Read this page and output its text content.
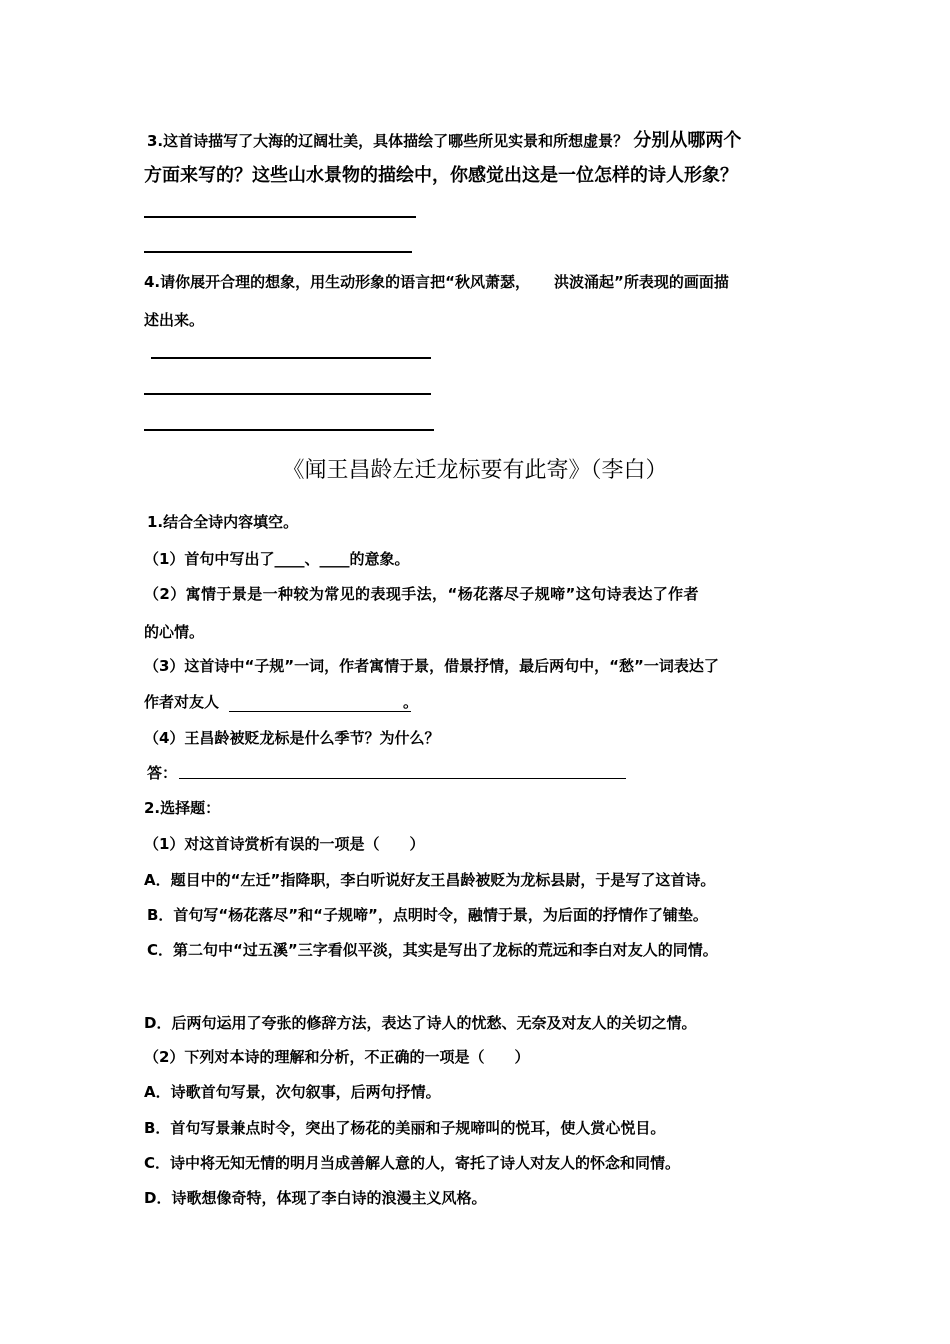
3.这首诗描写了大海的辽阔壮美，具体描绘了哪些所见实景和所想虚景？ 分别从哪两个
方面来写的？这些山水景物的描绘中，你感觉出这是一位怎样的诗人形象？
4.请你展开合理的想象，用生动形象的语言把“秋风萧瑟， 洪波涌起”所表现的画面描
述出来。
《闻王昌龄左迁龙标要有此寄》（李白）
1.结合全诗内容填空。
（1）首句中写出了____、____的意象。
（2）寓情于景是一种较为常见的表现手法，“杨花落尽子规啼”这句诗表达了作者
的心情。
（3）这首诗中“子规”一词，作者寓情于景，借景抒情，最后两句中，“愁”一词表达了
作者对友人	。
（4）王昌龄被贬龙标是什么季节？为什么？
答：
2.选择题：
（1）对这首诗赏析有误的一项是（　　）
A．题目中的“左迁”指降职，李白听说好友王昌龄被贬为龙标县尉，于是写了这首诗。
B．首句写“杨花落尽”和“子规啼”，点明时令，融情于景，为后面的抒情作了铺垫。
C．第二句中“过五溪”三字看似平淡，其实是写出了龙标的荒远和李白对友人的同情。
D．后两句运用了夸张的修辞方法，表达了诗人的忧愁、无奈及对友人的关切之情。
（2）下列对本诗的理解和分析，不正确的一项是（　　）
A．诗歌首句写景，次句叙事，后两句抒情。
B．首句写景兼点时令，突出了杨花的美丽和子规啼叫的悦耳，使人赏心悦目。
C．诗中将无知无情的明月当成善解人意的人，寄托了诗人对友人的怀念和同情。
D．诗歌想像奇特，体现了李白诗的浪漫主义风格。
